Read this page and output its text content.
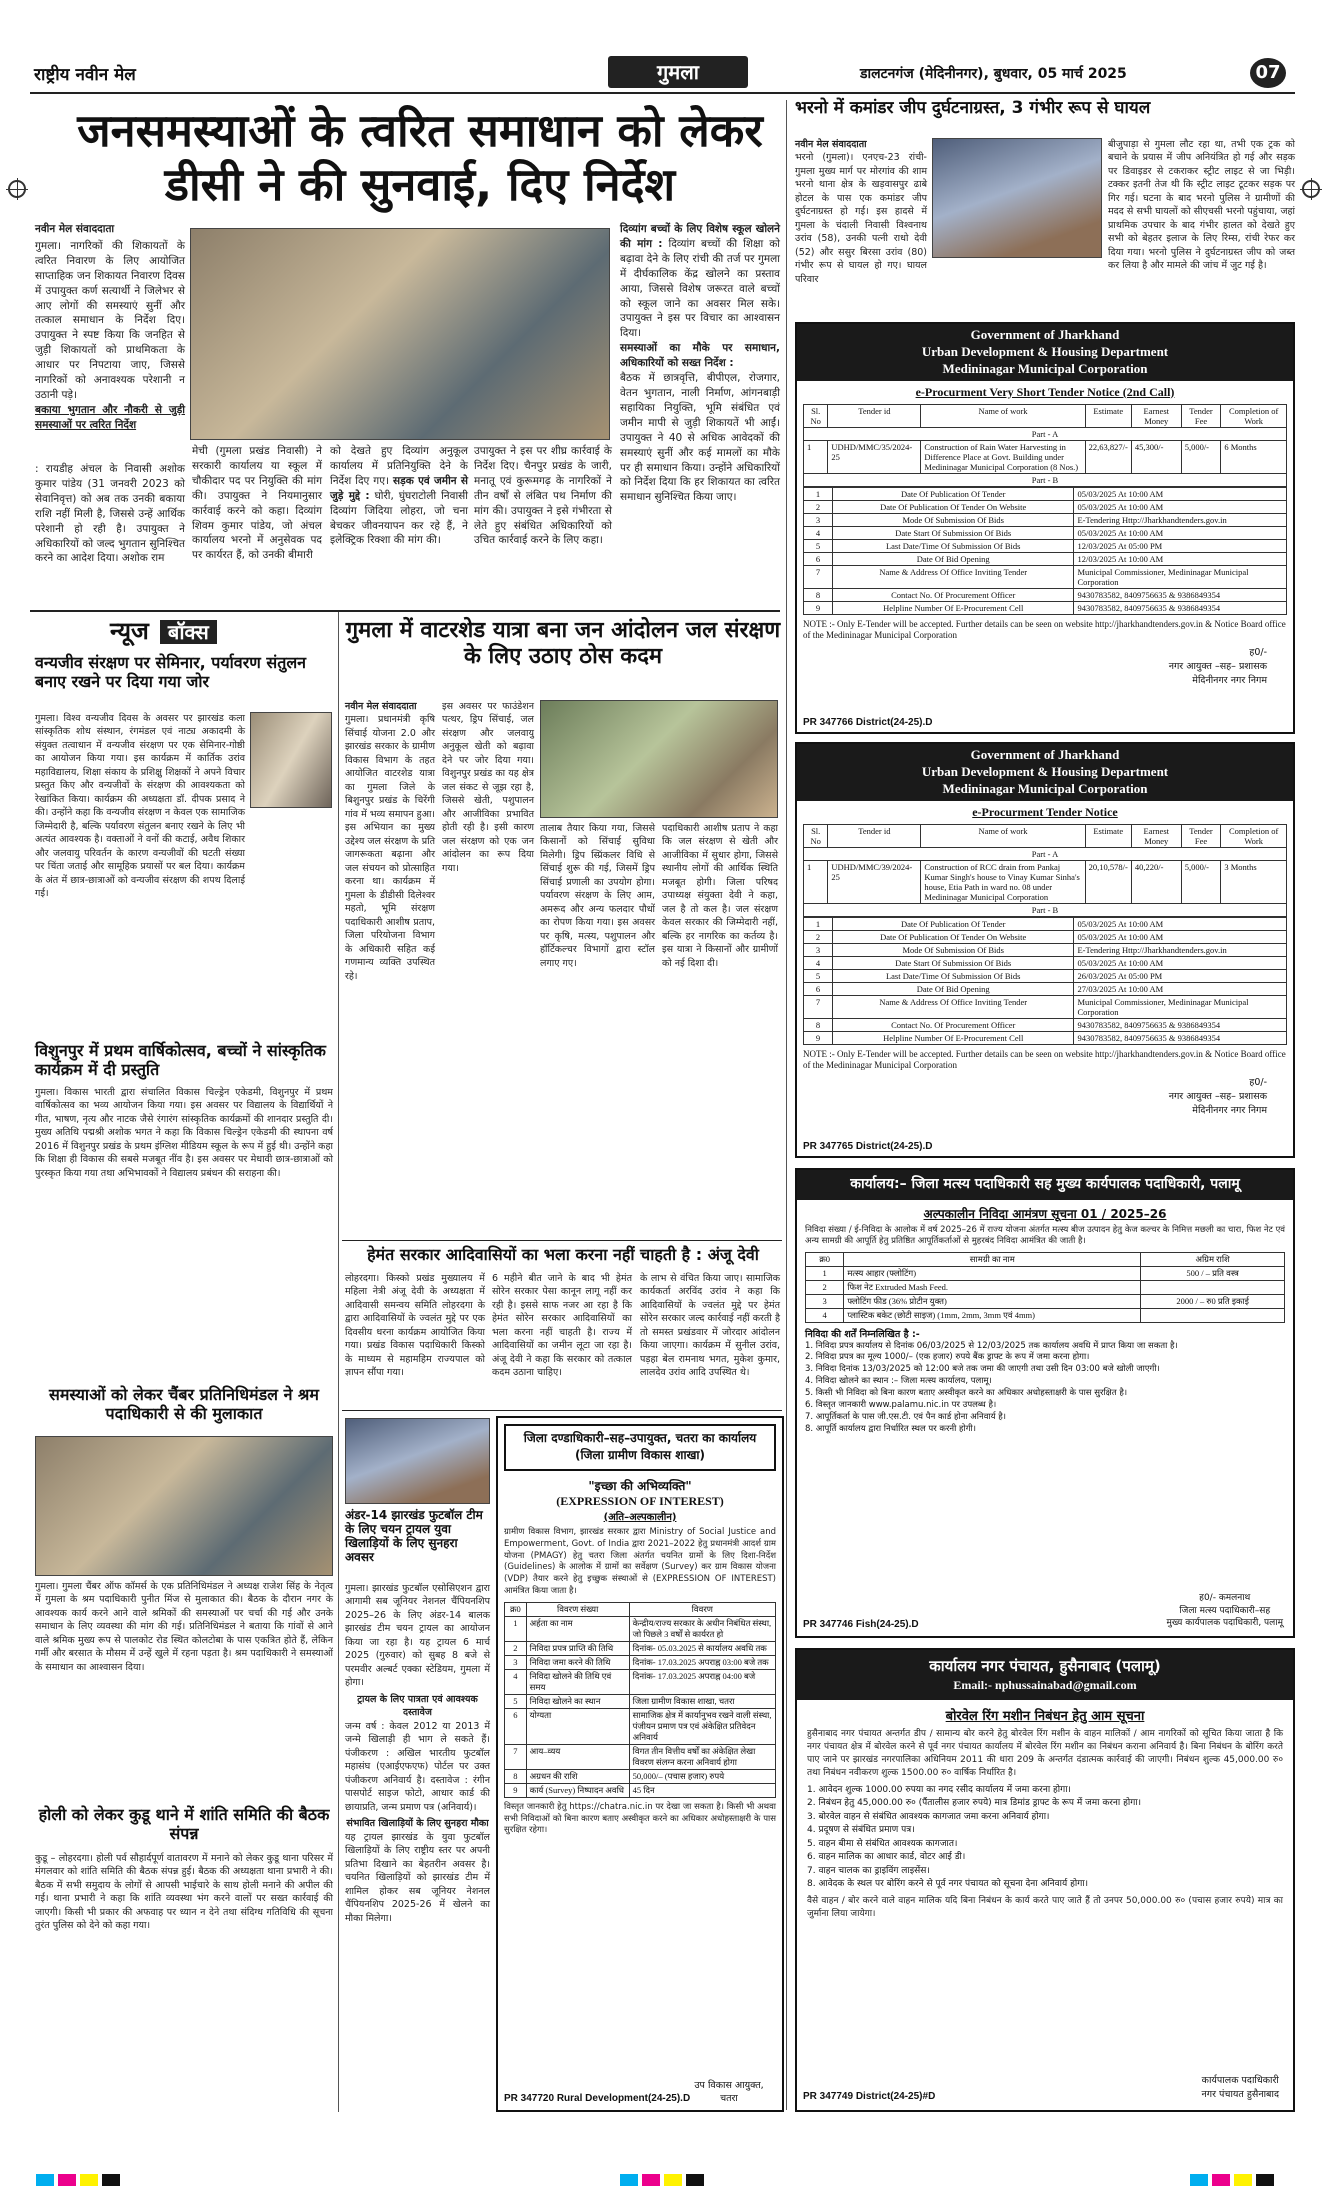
राष्ट्रीय नवीन मेल	गुमला	डालटनगंज (मेदिनीनगर), बुधवार, 05 मार्च 2025	07
जनसमस्याओं के त्वरित समाधान को लेकर डीसी ने की सुनवाई, दिए निर्देश
नवीन मेल संवाददाता
गुमला। नागरिकों की शिकायतों के त्वरित निवारण के लिए आयोजित साप्ताहिक जन शिकायत निवारण दिवस में उपायुक्त कर्ण सत्यार्थी ने जिलेभर से आए लोगों की समस्याएं सुनीं और तत्काल समाधान के निर्देश दिए। उपायुक्त ने स्पष्ट किया कि जनहित से जुड़ी शिकायतों को प्राथमिकता के आधार पर निपटाया जाए, जिससे नागरिकों को अनावश्यक परेशानी न उठानी पड़े।
बकाया भुगतान और नौकरी से जुड़ी समस्याओं पर त्वरित निर्देश
: रायडीह अंचल के निवासी अशोक कुमार पांडेय (31 जनवरी 2023 को सेवानिवृत्त) को अब तक उनकी बकाया राशि नहीं मिली है, जिससे उन्हें आर्थिक परेशानी हो रही है। उपायुक्त ने अधिकारियों को जल्द भुगतान सुनिश्चित करने का आदेश दिया। अशोक राम
मेची (गुमला प्रखंड निवासी) ने सरकारी कार्यालय या स्कूल में चौकीदार पद पर नियुक्ति की मांग की। उपायुक्त ने नियमानुसार कार्रवाई करने को कहा। दिव्यांग शिवम कुमार पांडेय, जो अंचल कार्यालय भरनो में अनुसेवक पद पर कार्यरत हैं, को उनकी बीमारी
को देखते हुए दिव्यांग अनुकूल कार्यालय में प्रतिनियुक्ति देने के निर्देश दिए गए। सड़क एवं जमीन से जुड़े मुद्दे : घोरी, घुंघराटोली निवासी दिव्यांग जिदिया लोहरा, जो चना बेचकर जीवनयापन कर रहे हैं, ने इलेक्ट्रिक रिक्शा की मांग की।
उपायुक्त ने इस पर शीघ्र कार्रवाई के निर्देश दिए। चैनपुर प्रखंड के जारी, मनातू एवं कुरूमगढ़ के नागरिकों ने तीन वर्षों से लंबित पथ निर्माण की मांग की। उपायुक्त ने इसे गंभीरता से लेते हुए संबंधित अधिकारियों को उचित कार्रवाई करने के लिए कहा।
दिव्यांग बच्चों के लिए विशेष स्कूल खोलने की मांग : दिव्यांग बच्चों की शिक्षा को बढ़ावा देने के लिए रांची की तर्ज पर गुमला में दीर्घकालिक केंद्र खोलने का प्रस्ताव आया, जिससे विशेष जरूरत वाले बच्चों को स्कूल जाने का अवसर मिल सके। उपायुक्त ने इस पर विचार का आश्वासन दिया।
समस्याओं का मौके पर समाधान, अधिकारियों को सख्त निर्देश :
बैठक में छात्रवृत्ति, बीपीएल, रोजगार, वेतन भुगतान, नाली निर्माण, आंगनबाड़ी सहायिका नियुक्ति, भूमि संबंधित एवं जमीन मापी से जुड़ी शिकायतें भी आईं। उपायुक्त ने 40 से अधिक आवेदकों की समस्याएं सुनीं और कई मामलों का मौके पर ही समाधान किया। उन्होंने अधिकारियों को निर्देश दिया कि हर शिकायत का त्वरित समाधान सुनिश्चित किया जाए।
भरनो में कमांडर जीप दुर्घटनाग्रस्त, 3 गंभीर रूप से घायल
नवीन मेल संवाददाता
भरनो (गुमला)। एनएच-23 रांची-गुमला मुख्य मार्ग पर मोरगांव की शाम भरनो थाना क्षेत्र के खड़वासपुर ढाबे होटल के पास एक कमांडर जीप दुर्घटनाग्रस्त हो गई। इस हादसे में गुमला के चंदाली निवासी विश्वनाथ उरांव (58), उनकी पत्नी राधो देवी (52) और ससुर बिरसा उरांव (80) गंभीर रूप से घायल हो गए। घायल परिवार
बीजुपाड़ा से गुमला लौट रहा था, तभी एक ट्रक को बचाने के प्रयास में जीप अनियंत्रित हो गई और सड़क पर डिवाइडर से टकराकर स्ट्रीट लाइट से जा भिड़ी। टक्कर इतनी तेज थी कि स्ट्रीट लाइट टूटकर सड़क पर गिर गई। घटना के बाद भरनो पुलिस ने ग्रामीणों की मदद से सभी घायलों को सीएचसी भरनो पहुंचाया, जहां प्राथमिक उपचार के बाद गंभीर हालत को देखते हुए सभी को बेहतर इलाज के लिए रिम्स, रांची रेफर कर दिया गया। भरनो पुलिस ने दुर्घटनाग्रस्त जीप को जब्त कर लिया है और मामले की जांच में जुट गई है।
Government of Jharkhand
Urban Development & Housing Department
Medininagar Municipal Corporation
e-Procurment Very Short Tender Notice (2nd Call)
Sl. No	Tender id	Name of work	Estimate	Earnest Money	Tender Fee	Completion of Work
Part - A						
1	UDHD/MMC/35/2024-25	Construction of Rain Water Harvesting in Difference Place at Govt. Building under Medininagar Municipal Corporation (8 Nos.)	22,63,827/-	45,300/-	5,000/-	6 Months
Part - B						
1	Date Of Publication Of Tender	05/03/2025 At 10:00 AM
2	Date Of Publication Of Tender On Website	05/03/2025 At 10:00 AM
3	Mode Of Submission Of Bids	E-Tendering Http://Jharkhandtenders.gov.in
4	Date Start Of Submission Of Bids	05/03/2025 At 10:00 AM
5	Last Date/Time Of Submission Of Bids	12/03/2025 At 05:00 PM
6	Date Of Bid Opening	12/03/2025 At 10:00 AM
7	Name & Address Of Office Inviting Tender	Municipal Commissioner, Medininagar Municipal Corporation
8	Contact No. Of Procurement Officer	9430783582, 8409756635 & 9386849354
9	Helpline Number Of E-Procurement Cell	9430783582, 8409756635 & 9386849354
NOTE :- Only E-Tender will be accepted. Further details can be seen on website http://jharkhandtenders.gov.in & Notice Board office of the Medininagar Municipal Corporation
ह0/-
नगर आयुक्त –सह– प्रशासक
मेदिनीनगर नगर निगम
PR 347766 District(24-25).D
न्यूज बॉक्स
वन्यजीव संरक्षण पर सेमिनार, पर्यावरण संतुलन बनाए रखने पर दिया गया जोर
गुमला। विश्व वन्यजीव दिवस के अवसर पर झारखंड कला सांस्कृतिक शोध संस्थान, रंगमंडल एवं नाट्य अकादमी के संयुक्त तत्वाधान में वन्यजीव संरक्षण पर एक सेमिनार-गोष्ठी का आयोजन किया गया। इस कार्यक्रम में कार्तिक उरांव महाविद्यालय, शिक्षा संकाय के प्रशिक्षु शिक्षकों ने अपने विचार प्रस्तुत किए और वन्यजीवों के संरक्षण की आवश्यकता को रेखांकित किया। कार्यक्रम की अध्यक्षता डॉ. दीपक प्रसाद ने की। उन्होंने कहा कि वन्यजीव संरक्षण न केवल एक सामाजिक जिम्मेदारी है, बल्कि पर्यावरण संतुलन बनाए रखने के लिए भी अत्यंत आवश्यक है। वक्ताओं ने वनों की कटाई, अवैध शिकार और जलवायु परिवर्तन के कारण वन्यजीवों की घटती संख्या पर चिंता जताई और सामूहिक प्रयासों पर बल दिया। कार्यक्रम के अंत में छात्र-छात्राओं को वन्यजीव संरक्षण की शपथ दिलाई गई।
विशुनपुर में प्रथम वार्षिकोत्सव, बच्चों ने सांस्कृतिक कार्यक्रम में दी प्रस्तुति
गुमला। विकास भारती द्वारा संचालित विकास चिल्ड्रेन एकेडमी, विशुनपुर में प्रथम वार्षिकोत्सव का भव्य आयोजन किया गया। इस अवसर पर विद्यालय के विद्यार्थियों ने गीत, भाषण, नृत्य और नाटक जैसे रंगारंग सांस्कृतिक कार्यक्रमों की शानदार प्रस्तुति दी। मुख्य अतिथि पद्मश्री अशोक भगत ने कहा कि विकास चिल्ड्रेन एकेडमी की स्थापना वर्ष 2016 में विशुनपुर प्रखंड के प्रथम इंग्लिश मीडियम स्कूल के रूप में हुई थी। उन्होंने कहा कि शिक्षा ही विकास की सबसे मजबूत नींव है। इस अवसर पर मेधावी छात्र-छात्राओं को पुरस्कृत किया गया तथा अभिभावकों ने विद्यालय प्रबंधन की सराहना की।
समस्याओं को लेकर चैंबर प्रतिनिधिमंडल ने श्रम पदाधिकारी से की मुलाकात
गुमला। गुमला चैंबर ऑफ कॉमर्स के एक प्रतिनिधिमंडल ने अध्यक्ष राजेश सिंह के नेतृत्व में गुमला के श्रम पदाधिकारी पुनीत मिंज से मुलाकात की। बैठक के दौरान नगर के आवश्यक कार्य करने आने वाले श्रमिकों की समस्याओं पर चर्चा की गई और उनके समाधान के लिए व्यवस्था की मांग की गई। प्रतिनिधिमंडल ने बताया कि गांवों से आने वाले श्रमिक मुख्य रूप से पालकोट रोड स्थित कोलटोबा के पास एकत्रित होते हैं, लेकिन गर्मी और बरसात के मौसम में उन्हें खुले में रहना पड़ता है। श्रम पदाधिकारी ने समस्याओं के समाधान का आश्वासन दिया।
होली को लेकर कुडू थाने में शांति समिति की बैठक संपन्न
कुडू – लोहरदगा। होली पर्व सौहार्दपूर्ण वातावरण में मनाने को लेकर कुडू थाना परिसर में मंगलवार को शांति समिति की बैठक संपन्न हुई। बैठक की अध्यक्षता थाना प्रभारी ने की। बैठक में सभी समुदाय के लोगों से आपसी भाईचारे के साथ होली मनाने की अपील की गई। थाना प्रभारी ने कहा कि शांति व्यवस्था भंग करने वालों पर सख्त कार्रवाई की जाएगी। किसी भी प्रकार की अफवाह पर ध्यान न देने तथा संदिग्ध गतिविधि की सूचना तुरंत पुलिस को देने को कहा गया।
गुमला में वाटरशेड यात्रा बना जन आंदोलन जल संरक्षण के लिए उठाए ठोस कदम
नवीन मेल संवाददाता
गुमला। प्रधानमंत्री कृषि सिंचाई योजना 2.0 और झारखंड सरकार के ग्रामीण विकास विभाग के तहत आयोजित वाटरशेड यात्रा का गुमला जिले के बिशुनपुर प्रखंड के चिरेंगी गांव में भव्य समापन हुआ। इस अभियान का मुख्य उद्देश्य जल संरक्षण के प्रति जागरूकता बढ़ाना और जल संचयन को प्रोत्साहित करना था। कार्यक्रम में गुमला के डीडीसी दिलेश्वर महतो, भूमि संरक्षण पदाधिकारी आशीष प्रताप, जिला परियोजना विभाग के अधिकारी सहित कई गणमान्य व्यक्ति उपस्थित रहे।
इस अवसर पर फाउंडेशन पत्थर, ड्रिप सिंचाई, जल संरक्षण और जलवायु अनुकूल खेती को बढ़ावा देने पर जोर दिया गया। विशुनपुर प्रखंड का यह क्षेत्र जल संकट से जूझ रहा है, जिससे खेती, पशुपालन और आजीविका प्रभावित होती रही है। इसी कारण जल संरक्षण को एक जन आंदोलन का रूप दिया गया।
तालाब तैयार किया गया, जिससे किसानों को सिंचाई सुविधा मिलेगी। ड्रिप स्प्रिंकलर विधि से सिंचाई शुरू की गई, जिसमें ड्रिप सिंचाई प्रणाली का उपयोग होगा। पर्यावरण संरक्षण के लिए आम, अमरूद और अन्य फलदार पौधों का रोपण किया गया। इस अवसर पर कृषि, मत्स्य, पशुपालन और हॉर्टिकल्चर विभागों द्वारा स्टॉल लगाए गए।
पदाधिकारी आशीष प्रताप ने कहा कि जल संरक्षण से खेती और आजीविका में सुधार होगा, जिससे स्थानीय लोगों की आर्थिक स्थिति मजबूत होगी। जिला परिषद उपाध्यक्ष संयुक्ता देवी ने कहा, जल है तो कल है। जल संरक्षण केवल सरकार की जिम्मेदारी नहीं, बल्कि हर नागरिक का कर्तव्य है। इस यात्रा ने किसानों और ग्रामीणों को नई दिशा दी।
हेमंत सरकार आदिवासियों का भला करना नहीं चाहती है : अंजू देवी
लोहरदगा। किस्को प्रखंड मुख्यालय में महिला नेत्री अंजू देवी के अध्यक्षता में आदिवासी समन्वय समिति लोहरदगा के द्वारा आदिवासियों के ज्वलंत मुद्दे पर एक दिवसीय धरना कार्यक्रम आयोजित किया गया। प्रखंड विकास पदाधिकारी किस्को के माध्यम से महामहिम राज्यपाल को ज्ञापन सौंपा गया।
6 महीने बीत जाने के बाद भी हेमंत सोरेन सरकार पेसा कानून लागू नहीं कर रही है। इससे साफ नजर आ रहा है कि हेमंत सोरेन सरकार आदिवासियों का भला करना नहीं चाहती है। राज्य में आदिवासियों का जमीन लूटा जा रहा है। अंजू देवी ने कहा कि सरकार को तत्काल कदम उठाना चाहिए।
के लाभ से वंचित किया जाए। सामाजिक कार्यकर्ता अरविंद उरांव ने कहा कि आदिवासियों के ज्वलंत मुद्दे पर हेमंत सोरेन सरकार जल्द कार्रवाई नहीं करती है तो समस्त प्रखंडवार में जोरदार आंदोलन किया जाएगा। कार्यक्रम में सुनील उरांव, पड़हा बेल रामनाथ भगत, मुकेश कुमार, लालदेव उरांव आदि उपस्थित थे।
अंडर-14 झारखंड फुटबॉल टीम के लिए चयन ट्रायल युवा खिलाड़ियों के लिए सुनहरा अवसर
गुमला। झारखंड फुटबॉल एसोसिएशन द्वारा आगामी सब जूनियर नेशनल चैंपियनशिप 2025–26 के लिए अंडर-14 बालक झारखंड टीम चयन ट्रायल का आयोजन किया जा रहा है। यह ट्रायल 6 मार्च 2025 (गुरुवार) को सुबह 8 बजे से परमवीर अल्बर्ट एक्का स्टेडियम, गुमला में होगा।
ट्रायल के लिए पात्रता एवं आवश्यक दस्तावेज
जन्म वर्ष : केवल 2012 या 2013 में जन्मे खिलाड़ी ही भाग ले सकते हैं। पंजीकरण : अखिल भारतीय फुटबॉल महासंघ (एआईएफएफ) पोर्टल पर उक्त पंजीकरण अनिवार्य है। दस्तावेज : रंगीन पासपोर्ट साइज फोटो, आधार कार्ड की छायाप्रति, जन्म प्रमाण पत्र (अनिवार्य)।
संभावित खिलाड़ियों के लिए सुनहरा मौका
यह ट्रायल झारखंड के युवा फुटबॉल खिलाड़ियों के लिए राष्ट्रीय स्तर पर अपनी प्रतिभा दिखाने का बेहतरीन अवसर है। चयनित खिलाड़ियों को झारखंड टीम में शामिल होकर सब जूनियर नेशनल चैंपियनशिप 2025-26 में खेलने का मौका मिलेगा।
जिला दण्डाधिकारी–सह–उपायुक्त, चतरा का कार्यालय (जिला ग्रामीण विकास शाखा)
"इच्छा की अभिव्यक्ति"
(EXPRESSION OF INTEREST)
(अति–अल्पकालीन)
ग्रामीण विकास विभाग, झारखंड सरकार द्वारा Ministry of Social Justice and Empowerment, Govt. of India द्वारा 2021–2022 हेतु प्रधानमंत्री आदर्श ग्राम योजना (PMAGY) हेतु चतरा जिला अंतर्गत चयनित ग्रामों के लिए दिशा-निर्देश (Guidelines) के आलोक में ग्रामों का सर्वेक्षण (Survey) कर ग्राम विकास योजना (VDP) तैयार करने हेतु इच्छुक संस्थाओं से (EXPRESSION OF INTEREST) आमंत्रित किया जाता है।
क्र0	विवरण संख्या	विवरण
1	अर्हता का नाम	केन्द्रीय/राज्य सरकार के अधीन निबंधित संस्था, जो पिछले 3 वर्षों से कार्यरत हो
2	निविदा प्रपत्र प्राप्ति की तिथि	दिनांक- 05.03.2025 से कार्यालय अवधि तक
3	निविदा जमा करने की तिथि	दिनांक- 17.03.2025 अपराह्न 03:00 बजे तक
4	निविदा खोलने की तिथि एवं समय	दिनांक- 17.03.2025 अपराह्न 04:00 बजे
5	निविदा खोलने का स्थान	जिला ग्रामीण विकास शाखा, चतरा
6	योग्यता	सामाजिक क्षेत्र में कार्यानुभव रखने वाली संस्था, पंजीयन प्रमाण पत्र एवं अंकेक्षित प्रतिवेदन अनिवार्य
7	आय–व्यय	विगत तीन वित्तीय वर्षों का अंकेक्षित लेखा विवरण संलग्न करना अनिवार्य होगा
8	अग्रधन की राशि	50,000/– (पचास हजार) रुपये
9	कार्य (Survey) निष्पादन अवधि	45 दिन
विस्तृत जानकारी हेतु https://chatra.nic.in पर देखा जा सकता है। किसी भी अथवा सभी निविदाओं को बिना कारण बताए अस्वीकृत करने का अधिकार अधोहस्ताक्षरी के पास सुरक्षित रहेगा।
उप विकास आयुक्त, चतरा
PR 347720 Rural Development(24-25).D
Government of Jharkhand
Urban Development & Housing Department
Medininagar Municipal Corporation
e-Procurment Tender Notice
Sl. No	Tender id	Name of work	Estimate	Earnest Money	Tender Fee	Completion of Work
Part - A						
1	UDHD/MMC/39/2024-25	Construction of RCC drain from Pankaj Kumar Singh's house to Vinay Kumar Sinha's house, Etia Path in ward no. 08 under Medininagar Municipal Corporation	20,10,578/-	40,220/-	5,000/-	3 Months
Part - B						
1	Date Of Publication Of Tender	05/03/2025 At 10:00 AM
2	Date Of Publication Of Tender On Website	05/03/2025 At 10:00 AM
3	Mode Of Submission Of Bids	E-Tendering Http://Jharkhandtenders.gov.in
4	Date Start Of Submission Of Bids	05/03/2025 At 10:00 AM
5	Last Date/Time Of Submission Of Bids	26/03/2025 At 05:00 PM
6	Date Of Bid Opening	27/03/2025 At 10:00 AM
7	Name & Address Of Office Inviting Tender	Municipal Commissioner, Medininagar Municipal Corporation
8	Contact No. Of Procurement Officer	9430783582, 8409756635 & 9386849354
9	Helpline Number Of E-Procurement Cell	9430783582, 8409756635 & 9386849354
NOTE :- Only E-Tender will be accepted. Further details can be seen on website http://jharkhandtenders.gov.in & Notice Board office of the Medininagar Municipal Corporation
ह0/-
नगर आयुक्त –सह– प्रशासक
मेदिनीनगर नगर निगम
PR 347765 District(24-25).D
कार्यालय:– जिला मत्स्य पदाधिकारी सह मुख्य कार्यपालक पदाधिकारी, पलामू
अल्पकालीन निविदा आमंत्रण सूचना 01 / 2025–26
निविदा संख्या / ई-निविदा के आलोक में वर्ष 2025–26 में राज्य योजना अंतर्गत मत्स्य बीज उत्पादन हेतु केज कल्चर के निमित्त मछली का चारा, फिश नेट एवं अन्य सामग्री की आपूर्ति हेतु प्रतिष्ठित आपूर्तिकर्ताओं से मुहरबंद निविदा आमंत्रित की जाती है।
क्र0	सामग्री का नाम	अग्रिम राशि
1	मत्स्य आहार (फ्लोटिंग)	500 / – प्रति वस्त्र
2	फिश नेट Extruded Mash Feed.	
3	फ्लोटिंग फीड (36% प्रोटीन युक्त)	2000 / – रु0 प्रति इकाई
4	प्लास्टिक बकेट (छोटी साइज) (1mm, 2mm, 3mm एवं 4mm)	
निविदा की शर्तें निम्नलिखित है :-
1. निविदा प्रपत्र कार्यालय से दिनांक 06/03/2025 से 12/03/2025 तक कार्यालय अवधि में प्राप्त किया जा सकता है।
2. निविदा प्रपत्र का मूल्य 1000/– (एक हजार) रुपये बैंक ड्राफ्ट के रूप में जमा करना होगा।
3. निविदा दिनांक 13/03/2025 को 12:00 बजे तक जमा की जाएगी तथा उसी दिन 03:00 बजे खोली जाएगी।
4. निविदा खोलने का स्थान :– जिला मत्स्य कार्यालय, पलामू।
5. किसी भी निविदा को बिना कारण बताए अस्वीकृत करने का अधिकार अधोहस्ताक्षरी के पास सुरक्षित है।
6. विस्तृत जानकारी www.palamu.nic.in पर उपलब्ध है।
7. आपूर्तिकर्ता के पास जी.एस.टी. एवं पैन कार्ड होना अनिवार्य है।
8. आपूर्ति कार्यालय द्वारा निर्धारित स्थल पर करनी होगी।
ह0/- कमलनाथ
जिला मत्स्य पदाधिकारी–सह
मुख्य कार्यपालक पदाधिकारी, पलामू
PR 347746 Fish(24-25).D
कार्यालय नगर पंचायत, हुसैनाबाद (पलामू)
Email:- nphussainabad@gmail.com
बोरवेल रिंग मशीन निबंधन हेतु आम सूचना
हुसैनाबाद नगर पंचायत अन्तर्गत डीप / सामान्य बोर करने हेतु बोरवेल रिंग मशीन के वाहन मालिकों / आम नागरिकों को सूचित किया जाता है कि नगर पंचायत क्षेत्र में बोरवेल करने से पूर्व नगर पंचायत कार्यालय में बोरवेल रिंग मशीन का निबंधन कराना अनिवार्य है। बिना निबंधन के बोरिंग करते पाए जाने पर झारखंड नगरपालिका अधिनियम 2011 की धारा 209 के अन्तर्गत दंडात्मक कार्रवाई की जाएगी। निबंधन शुल्क 45,000.00 रु० तथा निबंधन नवीकरण शुल्क 1500.00 रु० वार्षिक निर्धारित है।
1. आवेदन शुल्क 1000.00 रुपया का नगद रसीद कार्यालय में जमा करना होगा।
2. निबंधन हेतु 45,000.00 रु० (पैंतालीस हजार रुपये) मात्र डिमांड ड्राफ्ट के रूप में जमा करना होगा।
3. बोरवेल वाहन से संबंधित आवश्यक कागजात जमा करना अनिवार्य होगा।
4. प्रदूषण से संबंधित प्रमाण पत्र।
5. वाहन बीमा से संबंधित आवश्यक कागजात।
6. वाहन मालिक का आधार कार्ड, वोटर आई डी।
7. वाहन चालक का ड्राइविंग लाइसेंस।
8. आवेदक के स्थल पर बोरिंग करने से पूर्व नगर पंचायत को सूचना देना अनिवार्य होगा।
वैसे वाहन / बोर करने वाले वाहन मालिक यदि बिना निबंधन के कार्य करते पाए जाते हैं तो उनपर 50,000.00 रु० (पचास हजार रुपये) मात्र का जुर्माना लिया जायेगा।
कार्यपालक पदाधिकारी
नगर पंचायत हुसैनाबाद
PR 347749 District(24-25)#D
